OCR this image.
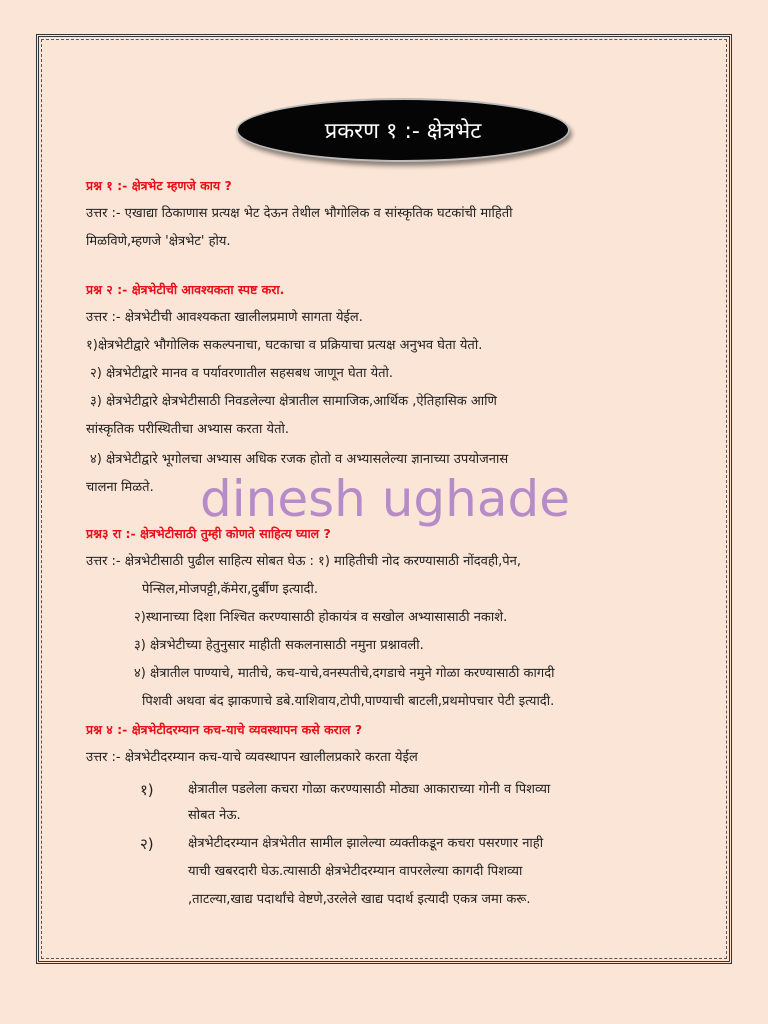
प्रकरण १ :- क्षेत्रभेट
dinesh ughade
प्रश्न १ :- क्षेत्रभेट म्हणजे काय ?
उत्तर :- एखाद्या ठिकाणास प्रत्यक्ष भेट देऊन तेथील भौगोलिक व सांस्कृतिक घटकांची माहिती
मिळविणे,म्हणजे 'क्षेत्रभेट' होय.
प्रश्न २ :- क्षेत्रभेटीची आवश्यकता स्पष्ट करा.
उत्तर :- क्षेत्रभेटीची आवश्यकता खालीलप्रमाणे सागता येईल.
१)क्षेत्रभेटीद्वारे भौगोलिक सकल्पनाचा, घटकाचा व प्रक्रियाचा प्रत्यक्ष अनुभव घेता येतो.
२) क्षेत्रभेटीद्वारे मानव व पर्यावरणातील सहसबध जाणून घेता येतो.
३) क्षेत्रभेटीद्वारे क्षेत्रभेटीसाठी निवडलेल्या क्षेत्रातील सामाजिक,आर्थिक ,ऐतिहासिक आणि
सांस्कृतिक परीस्थितीचा अभ्यास करता येतो.
४) क्षेत्रभेटीद्वारे भूगोलचा अभ्यास अधिक रजक होतो व अभ्यासलेल्या ज्ञानाच्या उपयोजनास
चालना मिळते.
प्रश्न३ रा :- क्षेत्रभेटीसाठी तुम्ही कोणते साहित्य घ्याल ?
उत्तर :- क्षेत्रभेटीसाठी पुढील साहित्य सोबत घेऊ : १) माहितीची नोद करण्यासाठी नोंदवही,पेन,
पेन्सिल,मोजपट्टी,कॅमेरा,दुर्बीण इत्यादी.
२)स्थानाच्या दिशा निश्चित करण्यासाठी होकायंत्र व सखोल अभ्यासासाठी नकाशे.
३) क्षेत्रभेटीच्या हेतुनुसार माहीती सकलनासाठी नमुना प्रश्नावली.
४) क्षेत्रातील पाण्याचे, मातीचे, कच-याचे,वनस्पतीचे,दगडाचे नमुने गोळा करण्यासाठी कागदी
पिशवी अथवा बंद झाकणाचे डबे.याशिवाय,टोपी,पाण्याची बाटली,प्रथमोपचार पेटी इत्यादी.
प्रश्न ४ :- क्षेत्रभेटीदरम्यान कच-याचे व्यवस्थापन कसे कराल ?
उत्तर :- क्षेत्रभेटीदरम्यान कच-याचे व्यवस्थापन खालीलप्रकारे करता येईल
१)	क्षेत्रातील पडलेला कचरा गोळा करण्यासाठी मोठ्या आकाराच्या गोनी व पिशव्या
सोबत नेऊ.
२)	क्षेत्रभेटीदरम्यान क्षेत्रभेतीत सामील झालेल्या व्यक्तीकडून कचरा पसरणार नाही
याची खबरदारी घेऊ.त्यासाठी क्षेत्रभेटीदरम्यान वापरलेल्या कागदी पिशव्या
,ताटल्या,खाद्य पदार्थांचे वेष्टणे,उरलेले खाद्य पदार्थ इत्यादी एकत्र जमा करू.
